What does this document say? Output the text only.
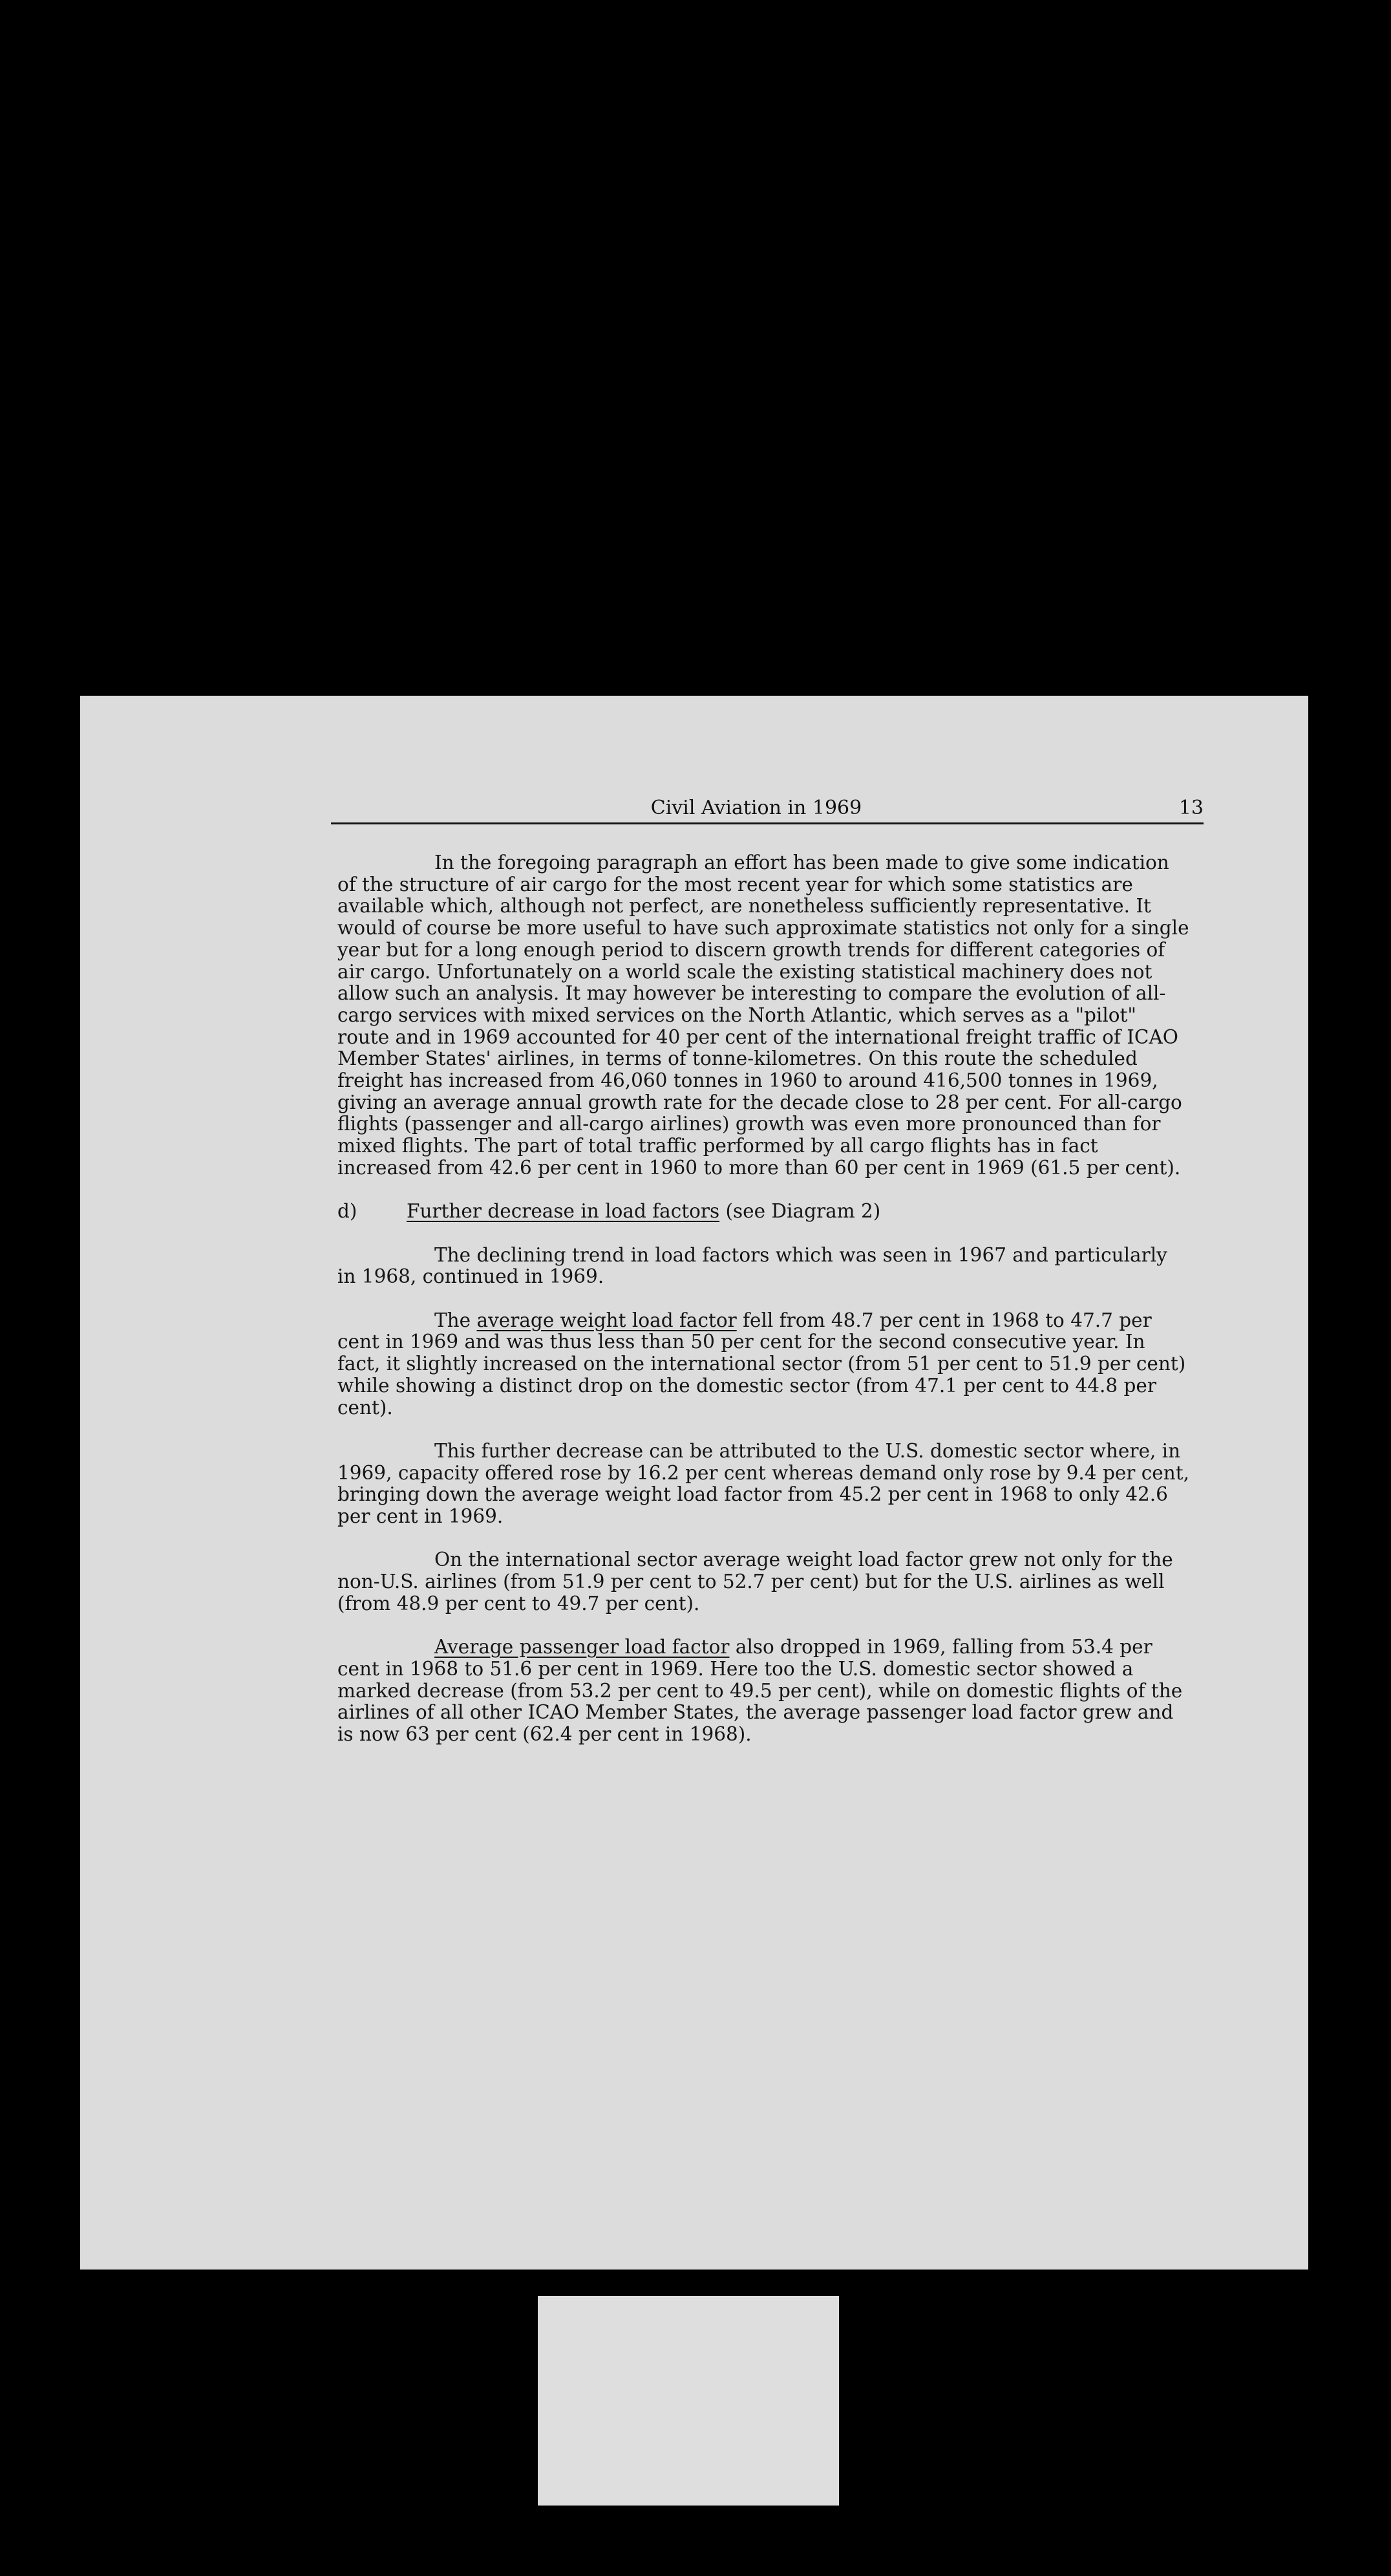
Civil Aviation in 1969	13

In the foregoing paragraph an effort has been made to give some indication of the structure of air cargo for the most recent year for which some statistics are available which, although not perfect, are nonetheless sufficiently representative. It would of course be more useful to have such approximate statistics not only for a single year but for a long enough period to discern growth trends for different categories of air cargo. Unfortunately on a world scale the existing statistical machinery does not allow such an analysis. It may however be interesting to compare the evolution of all-cargo services with mixed services on the North Atlantic, which serves as a "pilot" route and in 1969 accounted for 40 per cent of the international freight traffic of ICAO Member States' airlines, in terms of tonne-kilometres. On this route the scheduled freight has increased from 46,060 tonnes in 1960 to around 416,500 tonnes in 1969, giving an average annual growth rate for the decade close to 28 per cent. For all-cargo flights (passenger and all-cargo airlines) growth was even more pronounced than for mixed flights. The part of total traffic performed by all cargo flights has in fact increased from 42.6 per cent in 1960 to more than 60 per cent in 1969 (61.5 per cent).

d)	Further decrease in load factors (see Diagram 2)

The declining trend in load factors which was seen in 1967 and particularly in 1968, continued in 1969.

The average weight load factor fell from 48.7 per cent in 1968 to 47.7 per cent in 1969 and was thus less than 50 per cent for the second consecutive year. In fact, it slightly increased on the international sector (from 51 per cent to 51.9 per cent) while showing a distinct drop on the domestic sector (from 47.1 per cent to 44.8 per cent).

This further decrease can be attributed to the U.S. domestic sector where, in 1969, capacity offered rose by 16.2 per cent whereas demand only rose by 9.4 per cent, bringing down the average weight load factor from 45.2 per cent in 1968 to only 42.6 per cent in 1969.

On the international sector average weight load factor grew not only for the non-U.S. airlines (from 51.9 per cent to 52.7 per cent) but for the U.S. airlines as well (from 48.9 per cent to 49.7 per cent).

Average passenger load factor also dropped in 1969, falling from 53.4 per cent in 1968 to 51.6 per cent in 1969. Here too the U.S. domestic sector showed a marked decrease (from 53.2 per cent to 49.5 per cent), while on domestic flights of the airlines of all other ICAO Member States, the average passenger load factor grew and is now 63 per cent (62.4 per cent in 1968).
